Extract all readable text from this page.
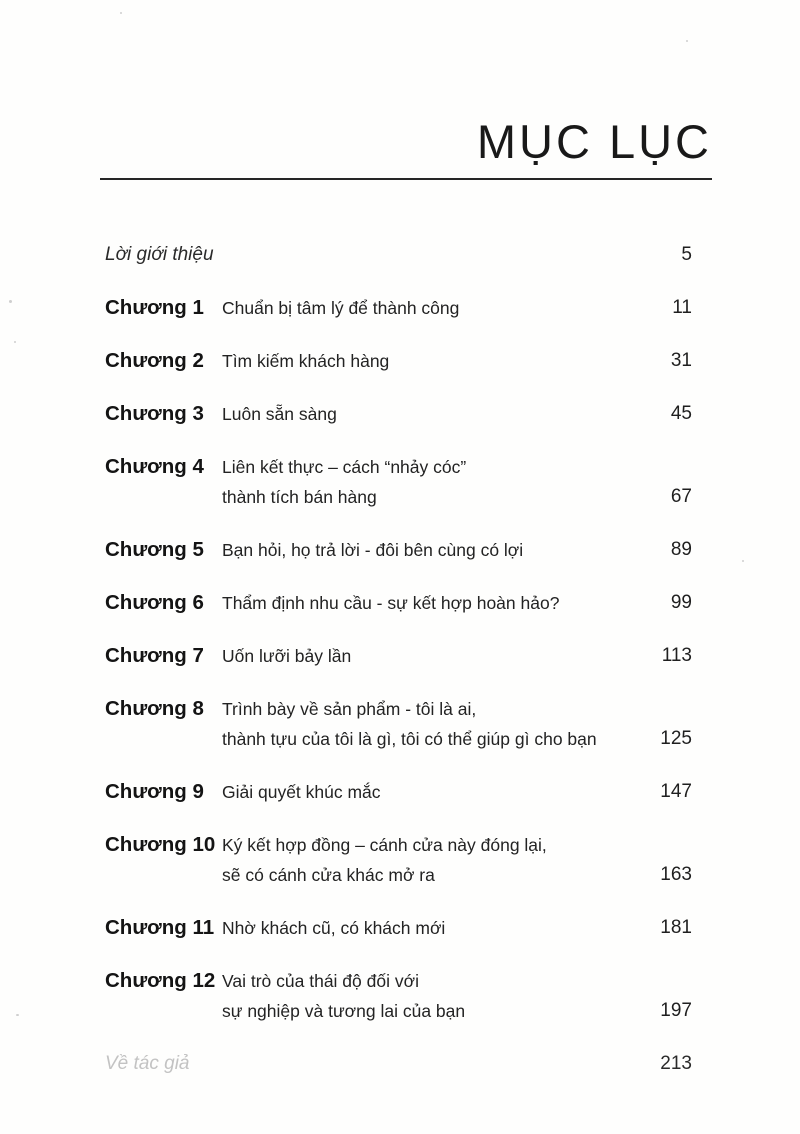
MỤC LỤC
Lời giới thiệu	5
Chương 1	Chuẩn bị tâm lý để thành công	11
Chương 2	Tìm kiếm khách hàng	31
Chương 3	Luôn sẵn sàng	45
Chương 4	Liên kết thực – cách “nhảy cóc”
thành tích bán hàng	67
Chương 5	Bạn hỏi, họ trả lời - đôi bên cùng có lợi	89
Chương 6	Thẩm định nhu cầu - sự kết hợp hoàn hảo?	99
Chương 7	Uốn lưỡi bảy lần	113
Chương 8	Trình bày về sản phẩm - tôi là ai,
thành tựu của tôi là gì, tôi có thể giúp gì cho bạn	125
Chương 9	Giải quyết khúc mắc	147
Chương 10 Ký kết hợp đồng – cánh cửa này đóng lại,
sẽ có cánh cửa khác mở ra	163
Chương 11 Nhờ khách cũ, có khách mới	181
Chương 12 Vai trò của thái độ đối với
sự nghiệp và tương lai của bạn	197
Về tác giả	213
